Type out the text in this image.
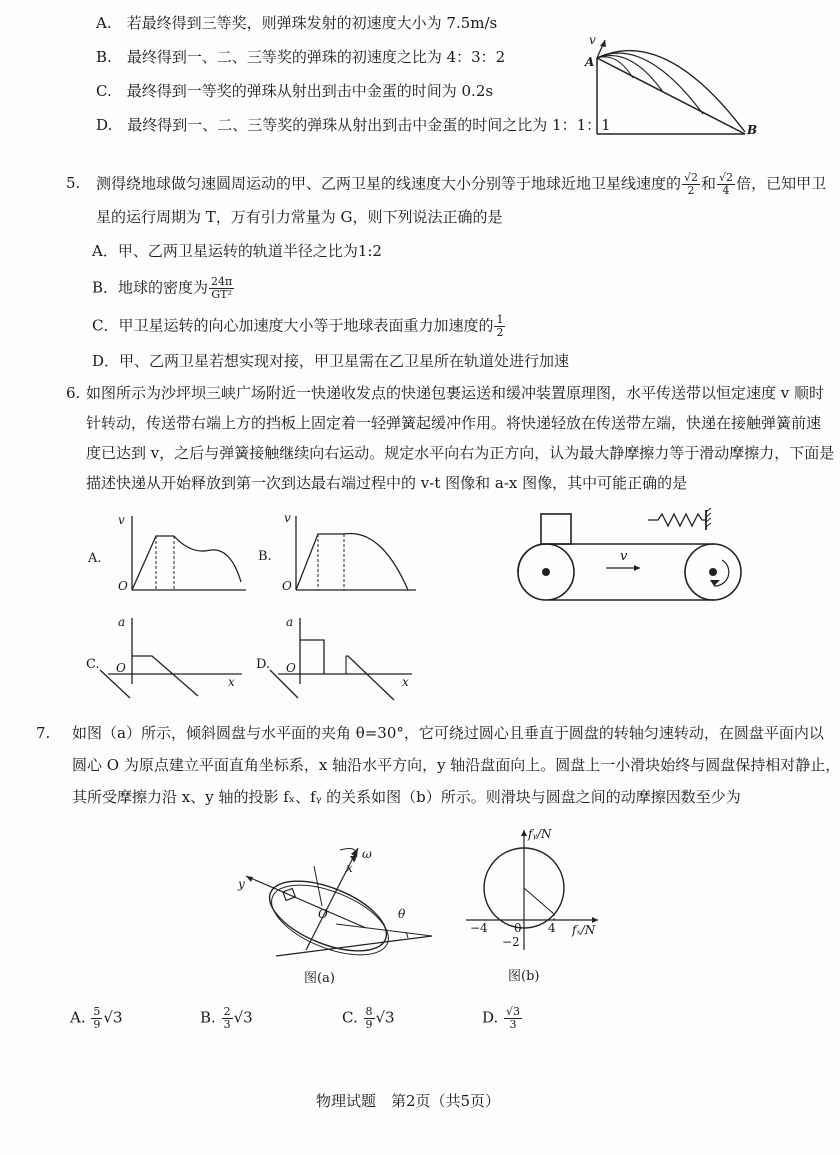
A.　 若最终得到三等奖，则弹珠发射的初速度大小为 7.5m/s
B.　 最终得到一、二、三等奖的弹珠的初速度之比为 4：3：2
C.　 最终得到一等奖的弹珠从射出到击中金蛋的时间为 0.2s
D.　 最终得到一、二、三等奖的弹珠从射出到击中金蛋的时间之比为 1：1：1
v
A
B
5. 测得绕地球做匀速圆周运动的甲、乙两卫星的线速度大小分别等于地球近地卫星线速度的 $\frac{√2}{2}$ 和 $\frac{√2}{4}$ 倍，已知甲卫
星的运行周期为 T，万有引力常量为 G，则下列说法正确的是
A．甲、乙两卫星运转的轨道半径之比为1:2
B．地球的密度为 $\frac{24\pi}{\text{GT²}}$
C．甲卫星运转的向心加速度大小等于地球表面重力加速度的 $\frac{1}{2}$
D．甲、乙两卫星若想实现对接，甲卫星需在乙卫星所在轨道处进行加速
6. 如图所示为沙坪坝三峡广场附近一快递收发点的快递包裹运送和缓冲装置原理图，水平传送带以恒定速度 v 顺时
针转动，传送带右端上方的挡板上固定着一轻弹簧起缓冲作用。将快递轻放在传送带左端，快递在接触弹簧前速
度已达到 v，之后与弹簧接触继续向右运动。规定水平向右为正方向，认为最大静摩擦力等于滑动摩擦力，下面是
描述快递从开始释放到第一次到达最右端过程中的 v-t 图像和 a-x 图像，其中可能正确的是
A.
v
O
B.
v
O
C.
a
O
x
D.
a
O
x
v
7. 如图（a）所示，倾斜圆盘与水平面的夹角 θ=30°，它可绕过圆心且垂直于圆盘的转轴匀速转动，在圆盘平面内以
圆心 O 为原点建立平面直角坐标系，x 轴沿水平方向，y 轴沿盘面向上。圆盘上一小滑块始终与圆盘保持相对静止，
其所受摩擦力沿 x、y 轴的投影 fₓ、fᵧ 的关系如图（b）所示。则滑块与圆盘之间的动摩擦因数至少为
ω
x
y
O	θ
图(a)
fᵧ/N
fₓ/N
−4 0 4
−2
图(b)
A. $\frac{5}{9} √3$	B. $\frac{2}{3} √3$	C. $\frac{8}{9} √3$	D. $\frac{√3}{3}$
物理试题　第2页（共5页）
